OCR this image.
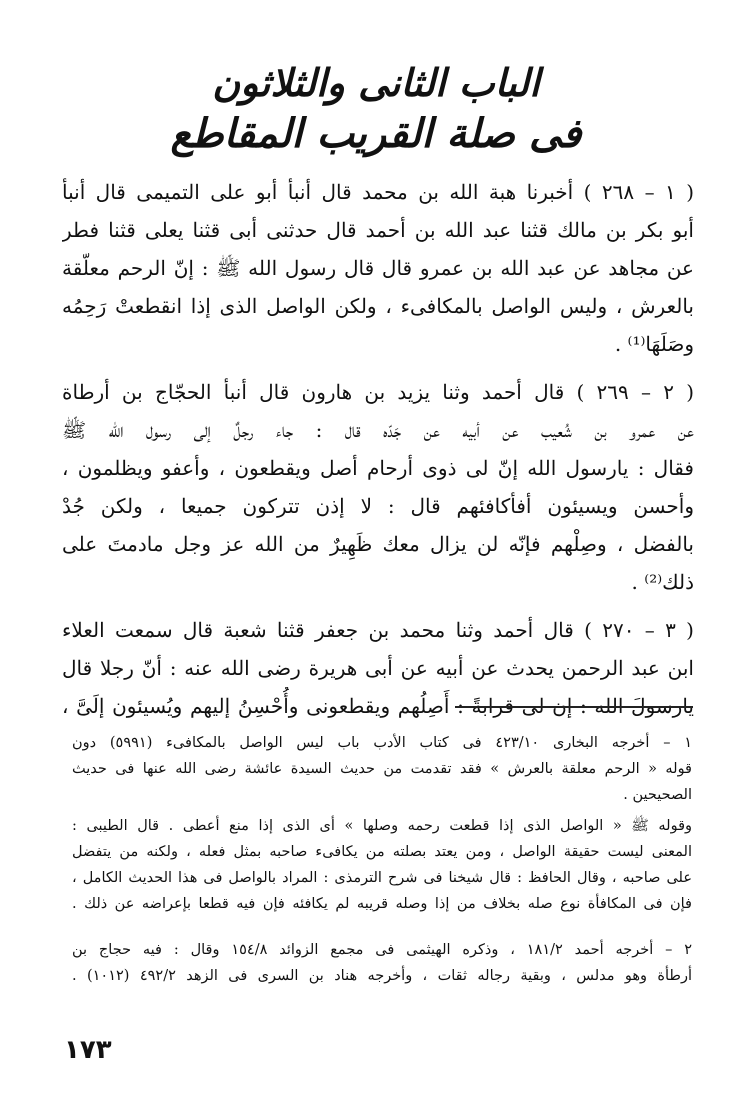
الباب الثانى والثلاثون
فى صلة القريب المقاطع

( ١ – ٢٦٨ ) أخبرنا هبة الله بن محمد قال أنبأ أبو على التميمى قال أنبأ
أبو بكر بن مالك قثنا عبد الله بن أحمد قال حدثنى أبى قثنا يعلى قثنا فطر
عن مجاهد عن عبد الله بن عمرو قال قال رسول الله ﷺ : إنّ الرحم معلّقة
بالعرش ، وليس الواصل بالمكافىء ، ولكن الواصل الذى إذا انقطعتْ رَحِمُه
وصَلَهَا⁽¹⁾ .

( ٢ – ٢٦٩ ) قال أحمد وثنا يزيد بن هارون قال أنبأ الحجّاج بن أرطاة
عن عمرو بن شُعيب عن أبيه عن جَدّه قال : جاء رجلٌ إلى رسول الله ﷺ
فقال : يارسول الله إنّ لى ذوى أرحام أصل ويقطعون ، وأعفو ويظلمون ،
وأحسن ويسيئون أفأكافئهم قال : لا إذن تتركون جميعا ، ولكن جُدْ
بالفضل ، وصِلْهم فإنّه لن يزال معك ظَهِيرٌ من الله عز وجل مادمتَ على
ذلك⁽²⁾ .

( ٣ – ٢٧٠ ) قال أحمد وثنا محمد بن جعفر قثنا شعبة قال سمعت العلاء
ابن عبد الرحمن يحدث عن أبيه عن أبى هريرة رضى الله عنه : أنّ رجلا قال
يارسولَ الله : إن لى قرابةً : أَصِلُهم ويقطعونى وأُحْسِنُ إليهم ويُسيئون إلَىَّ ،

١ – أخرجه البخارى ٤٢٣/١٠ فى كتاب الأدب باب ليس الواصل بالمكافىء (٥٩٩١) دون
قوله « الرحم معلقة بالعرش » فقد تقدمت من حديث السيدة عائشة رضى الله عنها فى حديث
الصحيحين .
وقوله ﷺ « الواصل الذى إذا قطعت رحمه وصلها » أى الذى إذا منع أعطى . قال الطيبى :
المعنى ليست حقيقة الواصل ، ومن يعتد بصلته من يكافىء صاحبه بمثل فعله ، ولكنه من يتفضل
على صاحبه ، وقال الحافظ : قال شيخنا فى شرح الترمذى : المراد بالواصل فى هذا الحديث الكامل ،
فإن فى المكافأة نوع صله بخلاف من إذا وصله قريبه لم يكافئه فإن فيه قطعا بإعراضه عن ذلك .
٢ – أخرجه أحمد ١٨١/٢ ، وذكره الهيثمى فى مجمع الزوائد ١٥٤/٨ وقال : فيه حجاج بن
أرطأة وهو مدلس ، وبقية رجاله ثقات ، وأخرجه هناد بن السرى فى الزهد ٤٩٢/٢ (١٠١٢) .
١٧٣
